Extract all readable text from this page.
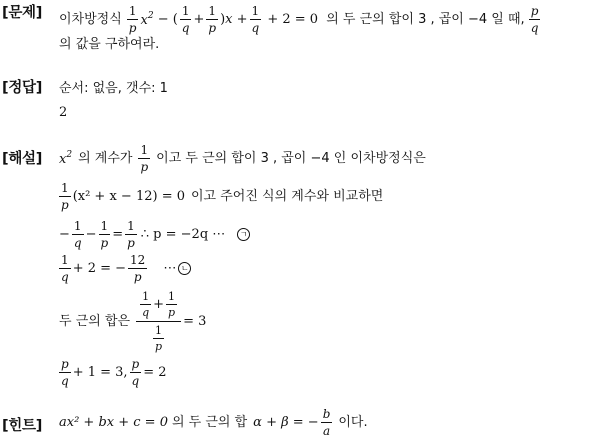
[문제] 이차방정식 $\frac{1}{p} x^2$ − ( $\frac{1}{q} + \frac{1}{p} )x + \frac{1}{q} + 2 = 0$ 의 두 근의 합이 3 , 곱이 −4 일 때, $\frac{p}{q}$
의 값을 구하여라.
[정답] 순서: 없음, 갯수: 1
2
[해설] $x^2$ 의 계수가 $\frac{1}{p}$ 이고 두 근의 합이 3 , 곱이 −4 인 이차방정식은
$\frac{1}{p} (x^2 + x - 12) = 0$ 이고 주어진 식의 계수와 비교하면
− $\frac{1}{q} - \frac{1}{p} = \frac{1}{p}$ ∴ p = −2q ⋯	ㄱ
$\frac{1}{q} + 2$ = − $\frac{12}{p}$ ⋯ ㄴ
두 근의 합은 $\frac{\frac{1}{q} + \frac{1}{p}}{\frac{1}{p}} = 3$
$\frac{p}{q} + 1 = 3$, $\frac{p}{q} = 2$
[힌트] ax² + bx + c = 0 의 두 근의 합 α + β = − $\frac{b}{a}$ 이다.
